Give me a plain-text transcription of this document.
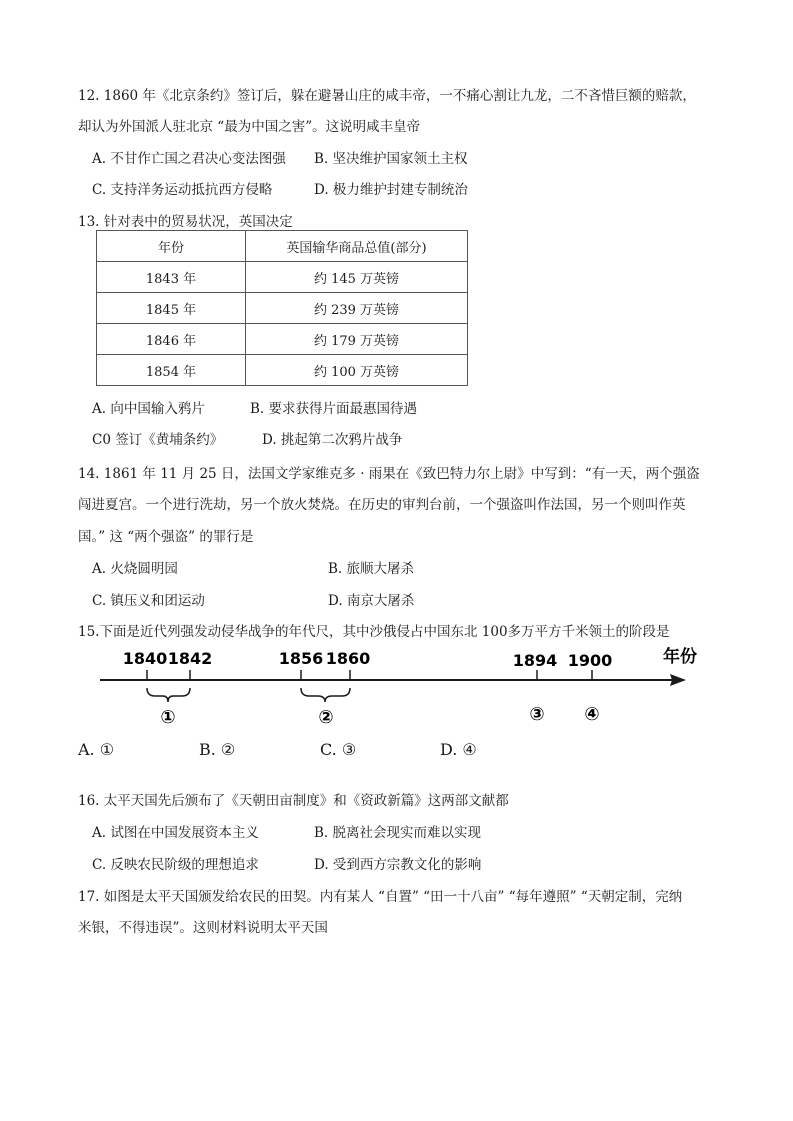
12. 1860 年《北京条约》签订后，躲在避暑山庄的咸丰帝，一不痛心割让九龙，二不吝惜巨额的赔款，
却认为外国派人驻北京 “最为中国之害”。这说明咸丰皇帝
A. 不甘作亡国之君决心变法图强 B. 坚决维护国家领土主权
C. 支持洋务运动抵抗西方侵略	D. 极力维护封建专制统治
13. 针对表中的贸易状况，英国决定
年份	英国输华商品总值(部分)
1843 年	约 145 万英镑
1845 年	约 239 万英镑
1846 年	约 179 万英镑
1854 年	约 100 万英镑
A. 向中国输入鸦片	B. 要求获得片面最惠国待遇
C0 签订《黄埔条约》	D. 挑起第二次鸦片战争
14. 1861 年 11 月 25 日，法国文学家维克多 · 雨果在《致巴特力尔上尉》中写到：“有一天，两个强盗
闯进夏宫。一个进行洗劫，另一个放火焚烧。在历史的审判台前，一个强盗叫作法国，另一个则叫作英
国。” 这 “两个强盗” 的罪行是
A. 火烧圆明园	B. 旅顺大屠杀
C. 镇压义和团运动	D. 南京大屠杀
15.下面是近代列强发动侵华战争的年代尺，其中沙俄侵占中国东北 100多万平方千米领土的阶段是
1840 1842	1856 1860	1894 1900	年份
①	②	③ ④
A. ①	B. ②	C. ③	D. ④
16. 太平天国先后颁布了《天朝田亩制度》和《资政新篇》这两部文献都
A. 试图在中国发展资本主义	B. 脱离社会现实而难以实现
C. 反映农民阶级的理想追求	D. 受到西方宗教文化的影响
17. 如图是太平天国颁发给农民的田契。内有某人 “自置” “田一十八亩” “每年遵照” “天朝定制，完纳
米银，不得违误”。这则材料说明太平天国
